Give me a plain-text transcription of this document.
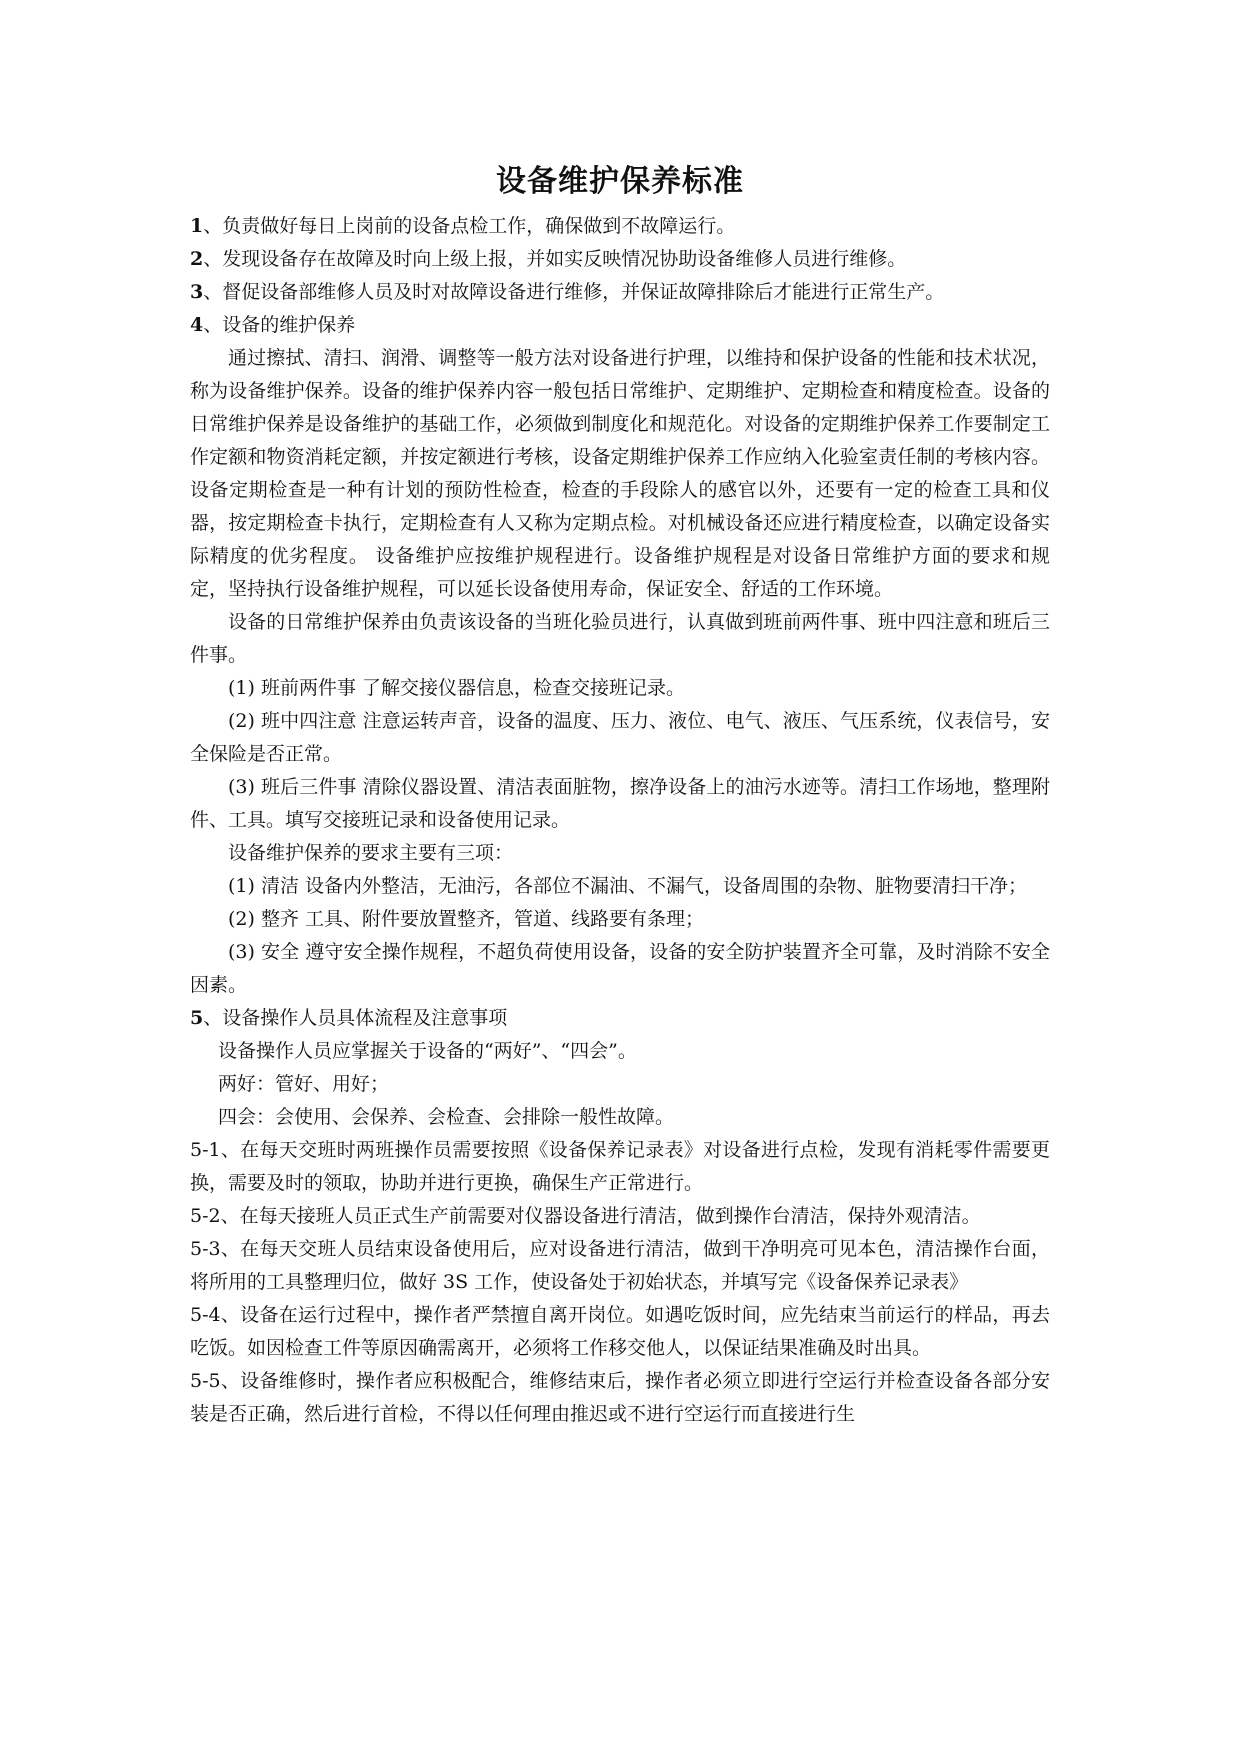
设备维护保养标准

1、负责做好每日上岗前的设备点检工作，确保做到不故障运行。

2、发现设备存在故障及时向上级上报，并如实反映情况协助设备维修人员进行维修。

3、督促设备部维修人员及时对故障设备进行维修，并保证故障排除后才能进行正常生产。

4、设备的维护保养

通过擦拭、清扫、润滑、调整等一般方法对设备进行护理，以维持和保护设备的性能和技术状况，称为设备维护保养。设备的维护保养内容一般包括日常维护、定期维护、定期检查和精度检查。设备的日常维护保养是设备维护的基础工作，必须做到制度化和规范化。对设备的定期维护保养工作要制定工作定额和物资消耗定额，并按定额进行考核，设备定期维护保养工作应纳入化验室责任制的考核内容。设备定期检查是一种有计划的预防性检查，检查的手段除人的感官以外，还要有一定的检查工具和仪器，按定期检查卡执行，定期检查有人又称为定期点检。对机械设备还应进行精度检查，以确定设备实际精度的优劣程度。 设备维护应按维护规程进行。设备维护规程是对设备日常维护方面的要求和规定，坚持执行设备维护规程，可以延长设备使用寿命，保证安全、舒适的工作环境。

设备的日常维护保养由负责该设备的当班化验员进行，认真做到班前两件事、班中四注意和班后三件事。

(1) 班前两件事 了解交接仪器信息，检查交接班记录。

(2) 班中四注意 注意运转声音，设备的温度、压力、液位、电气、液压、气压系统，仪表信号，安全保险是否正常。

(3) 班后三件事 清除仪器设置、清洁表面脏物，擦净设备上的油污水迹等。清扫工作场地，整理附件、工具。填写交接班记录和设备使用记录。

设备维护保养的要求主要有三项：

(1) 清洁 设备内外整洁，无油污，各部位不漏油、不漏气，设备周围的杂物、脏物要清扫干净；

(2) 整齐 工具、附件要放置整齐，管道、线路要有条理；

(3) 安全 遵守安全操作规程，不超负荷使用设备，设备的安全防护装置齐全可靠，及时消除不安全因素。

5、设备操作人员具体流程及注意事项

设备操作人员应掌握关于设备的“两好”、“四会”。

两好：管好、用好；

四会：会使用、会保养、会检查、会排除一般性故障。

5-1、在每天交班时两班操作员需要按照《设备保养记录表》对设备进行点检，发现有消耗零件需要更换，需要及时的领取，协助并进行更换，确保生产正常进行。

5-2、在每天接班人员正式生产前需要对仪器设备进行清洁，做到操作台清洁，保持外观清洁。

5-3、在每天交班人员结束设备使用后，应对设备进行清洁，做到干净明亮可见本色，清洁操作台面，将所用的工具整理归位，做好 3S 工作，使设备处于初始状态，并填写完《设备保养记录表》

5-4、设备在运行过程中，操作者严禁擅自离开岗位。如遇吃饭时间，应先结束当前运行的样品，再去吃饭。如因检查工件等原因确需离开，必须将工作移交他人，以保证结果准确及时出具。

5-5、设备维修时，操作者应积极配合，维修结束后，操作者必须立即进行空运行并检查设备各部分安装是否正确，然后进行首检，不得以任何理由推迟或不进行空运行而直接进行生
